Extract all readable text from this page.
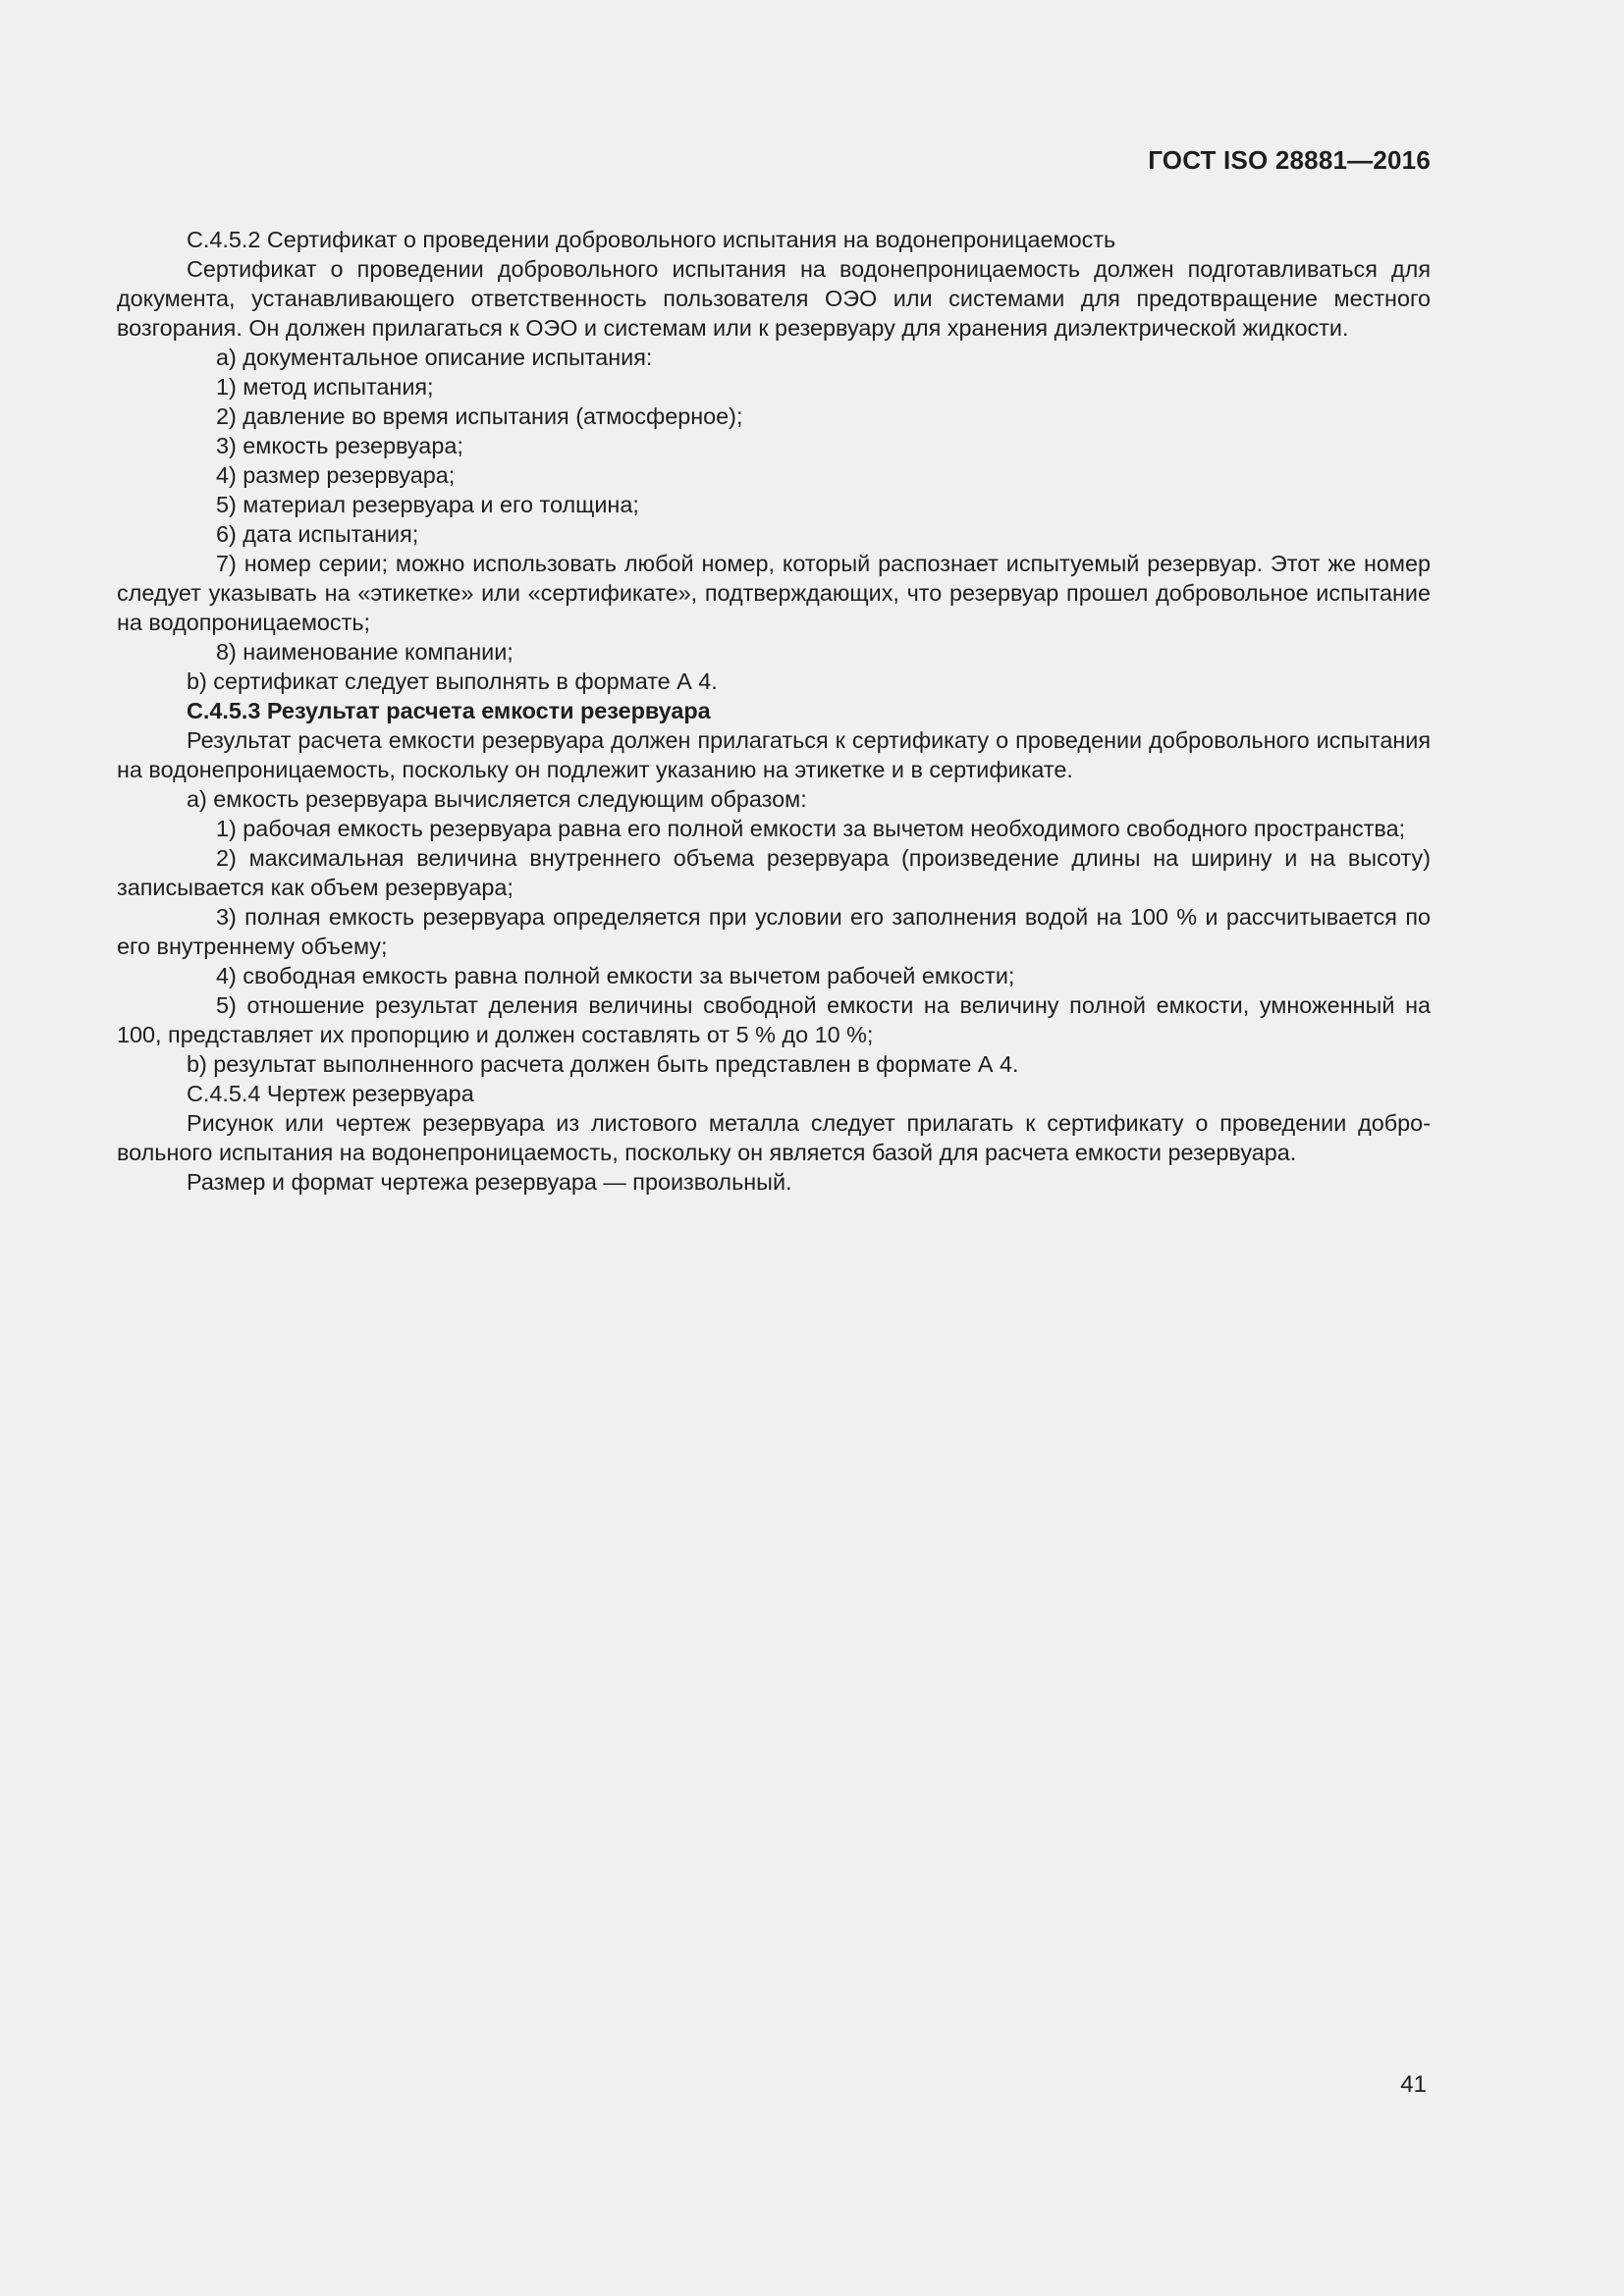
ГОСТ ISO 28881—2016

C.4.5.2 Сертификат о проведении добровольного испытания на водонепроницаемость

Сертификат о проведении добровольного испытания на водонепроницаемость должен подготавливаться для документа, устанавливающего ответственность пользователя ОЭО или системами для предотвращение местного возгорания. Он должен прилагаться к ОЭО и системам или к резервуару для хранения диэлектрической жидкости.

а) документальное описание испытания:

1) метод испытания;

2) давление во время испытания (атмосферное);

3) емкость резервуара;

4) размер резервуара;

5) материал резервуара и его толщина;

6) дата испытания;

7) номер серии; можно использовать любой номер, который распознает испытуемый резервуар. Этот же номер следует указывать на «этикетке» или «сертификате», подтверждающих, что резервуар прошел добровольное испытание на водопроницаемость;

8) наименование компании;

b) сертификат следует выполнять в формате А 4.

С.4.5.3 Результат расчета емкости резервуара

Результат расчета емкости резервуара должен прилагаться к сертификату о проведении добровольного испытания на водонепроницаемость, поскольку он подлежит указанию на этикетке и в сертификате.

а) емкость резервуара вычисляется следующим образом:

1) рабочая емкость резервуара равна его полной емкости за вычетом необходимого свободного пространства;

2) максимальная величина внутреннего объема резервуара (произведение длины на ширину и на высоту) записывается как объем резервуара;

3) полная емкость резервуара определяется при условии его заполнения водой на 100 % и рассчитывается по его внутреннему объему;

4) свободная емкость равна полной емкости за вычетом рабочей емкости;

5) отношение результат деления величины свободной емкости на величину полной емкости, умноженный на 100, представляет их пропорцию и должен составлять от 5 % до 10 %;

b) результат выполненного расчета должен быть представлен в формате А 4.

С.4.5.4 Чертеж резервуара

Рисунок или чертеж резервуара из листового металла следует прилагать к сертификату о проведении добровольного испытания на водонепроницаемость, поскольку он является базой для расчета емкости резервуара.

Размер и формат чертежа резервуара — произвольный.

41
